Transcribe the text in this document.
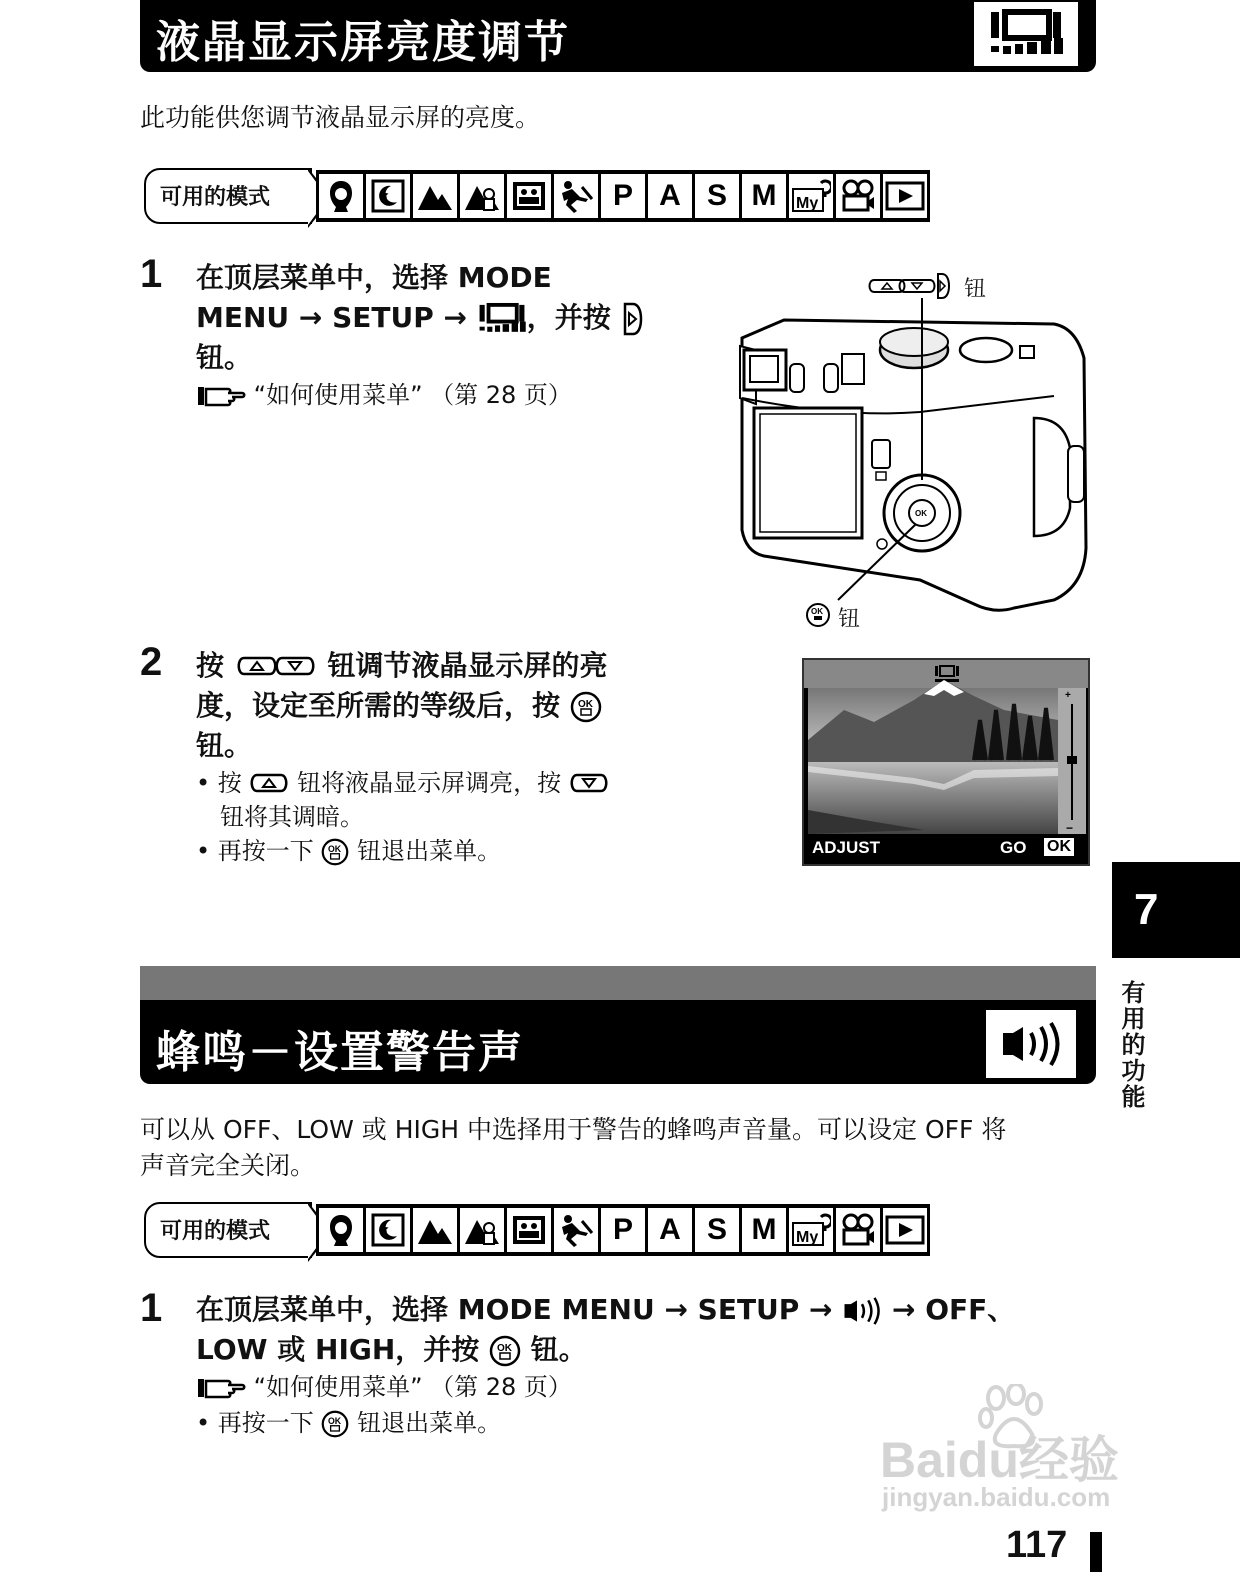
液晶显示屏亮度调节
此功能供您调节液晶显示屏的亮度。
可用的模式	P A S M	My
1 在顶层菜单中，选择 MODE
MENU → SETUP → ，并按
钮。
“如何使用菜单” （第 28 页）
OK
OK
钮
钮
2 按	钮调节液晶显示屏的亮
度，设定至所需的等级后，按 OK
钮。
• 按 钮将液晶显示屏调亮，按
钮将其调暗。
• 再按一下 OK 钮退出菜单。
+
−
ADJUST	GO OK
7
有用的功能
蜂鸣－设置警告声
可以从 OFF、LOW 或 HIGH 中选择用于警告的蜂鸣声音量。可以设定 OFF 将
声音完全关闭。
可用的模式	P A S M	My
1 在顶层菜单中，选择 MODE MENU → SETUP →  → OFF、
LOW 或 HIGH，并按 OK 钮。
“如何使用菜单” （第 28 页）
• 再按一下 OK 钮退出菜单。
Baidu经验
jingyan.baidu.com
117
